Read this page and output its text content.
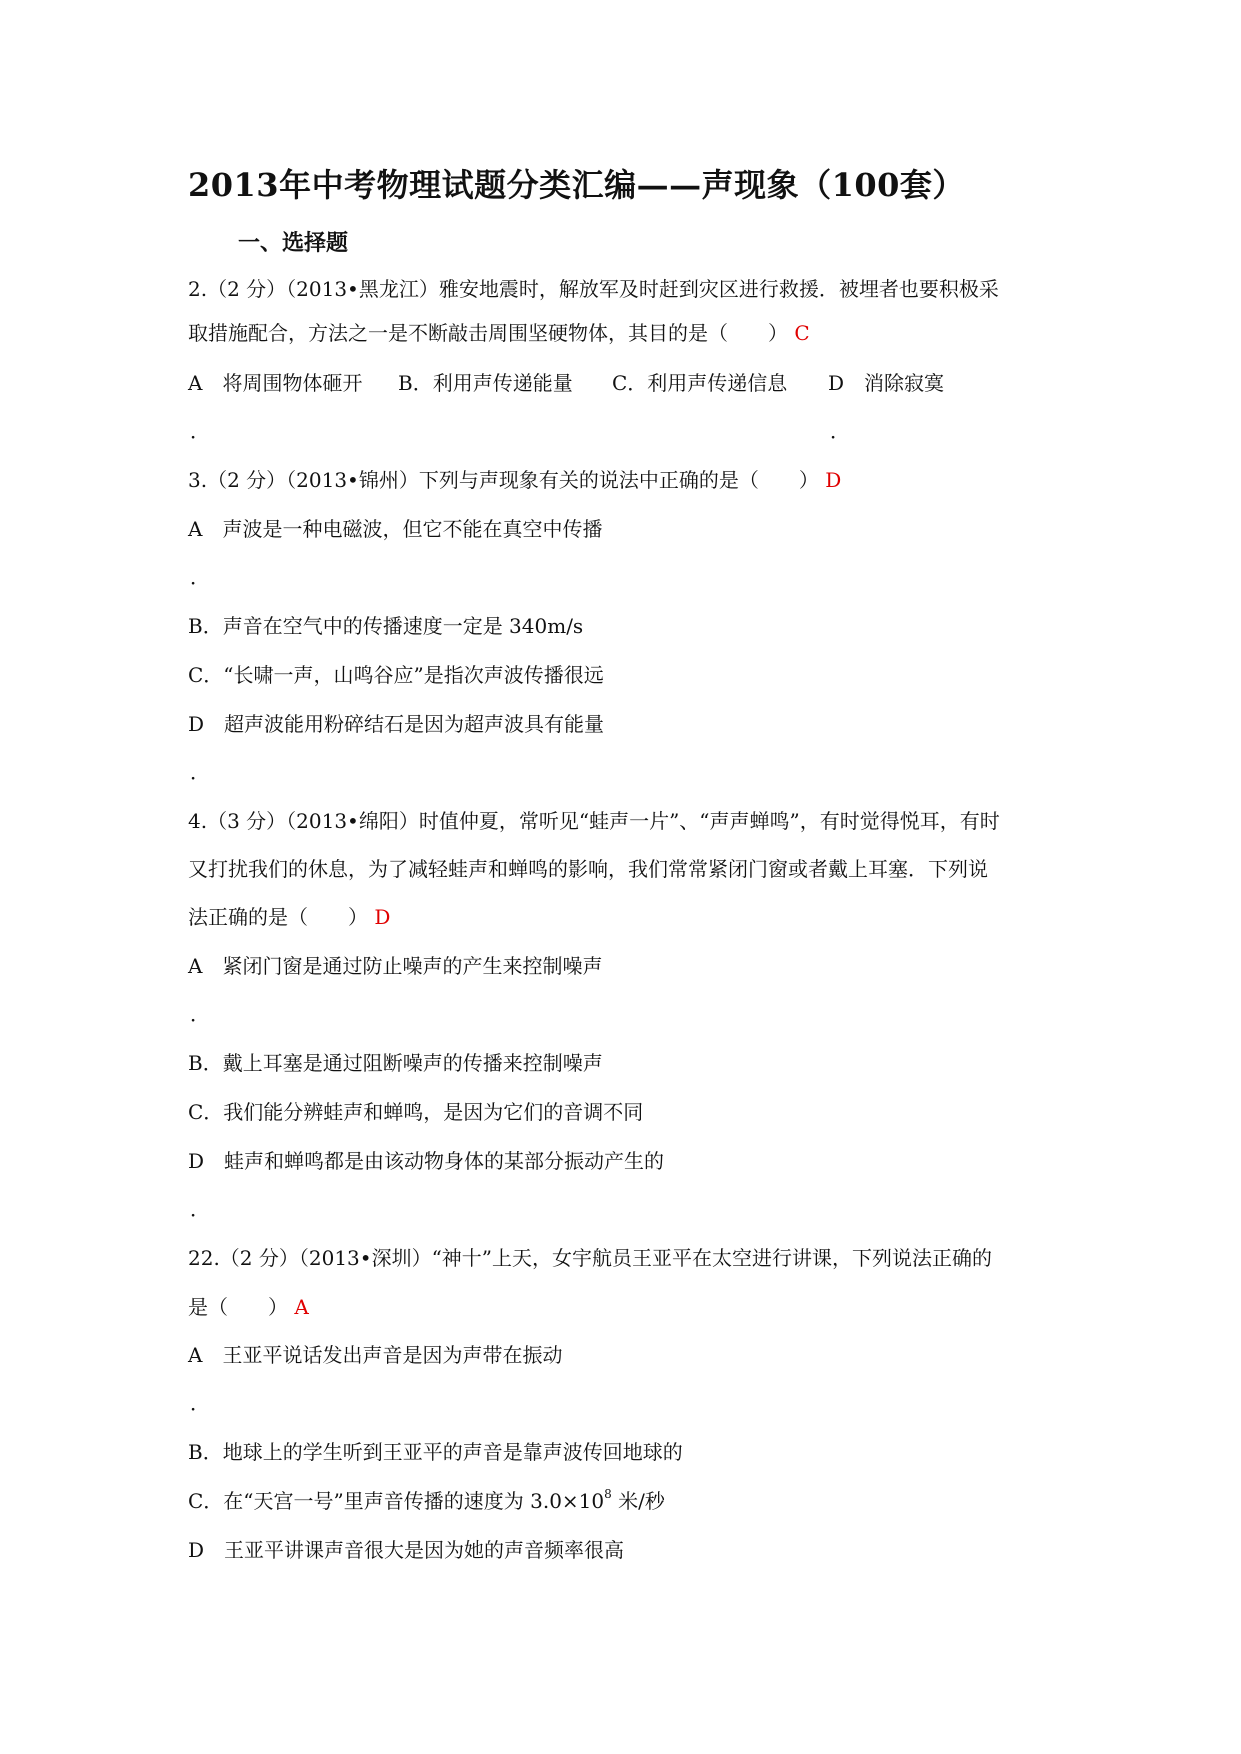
2013年中考物理试题分类汇编——声现象（100套）
一、选择题
2.（2 分）（2013•黑龙江）雅安地震时，解放军及时赶到灾区进行救援．被埋者也要积极采
取措施配合，方法之一是不断敲击周围坚硬物体，其目的是（　　） C
A　将周围物体砸开 B．利用声传递能量 C．利用声传递信息 D　消除寂寞
．	．
3.（2 分）（2013•锦州）下列与声现象有关的说法中正确的是（　　） D
A　声波是一种电磁波，但它不能在真空中传播
．
B．声音在空气中的传播速度一定是 340m/s
C．“长啸一声，山鸣谷应”是指次声波传播很远
D　超声波能用粉碎结石是因为超声波具有能量
．
4.（3 分）（2013•绵阳）时值仲夏，常听见“蛙声一片”、“声声蝉鸣”，有时觉得悦耳，有时
又打扰我们的休息，为了减轻蛙声和蝉鸣的影响，我们常常紧闭门窗或者戴上耳塞．下列说
法正确的是（　　） D
A　紧闭门窗是通过防止噪声的产生来控制噪声
．
B．戴上耳塞是通过阻断噪声的传播来控制噪声
C．我们能分辨蛙声和蝉鸣，是因为它们的音调不同
D　蛙声和蝉鸣都是由该动物身体的某部分振动产生的
．
22.（2 分）（2013•深圳）“神十”上天，女宇航员王亚平在太空进行讲课，下列说法正确的
是（　　） A
A　王亚平说话发出声音是因为声带在振动
．
B．地球上的学生听到王亚平的声音是靠声波传回地球的
C．在“天宫一号”里声音传播的速度为 $3.0\times 10^8$ 米/秒
D　王亚平讲课声音很大是因为她的声音频率很高
